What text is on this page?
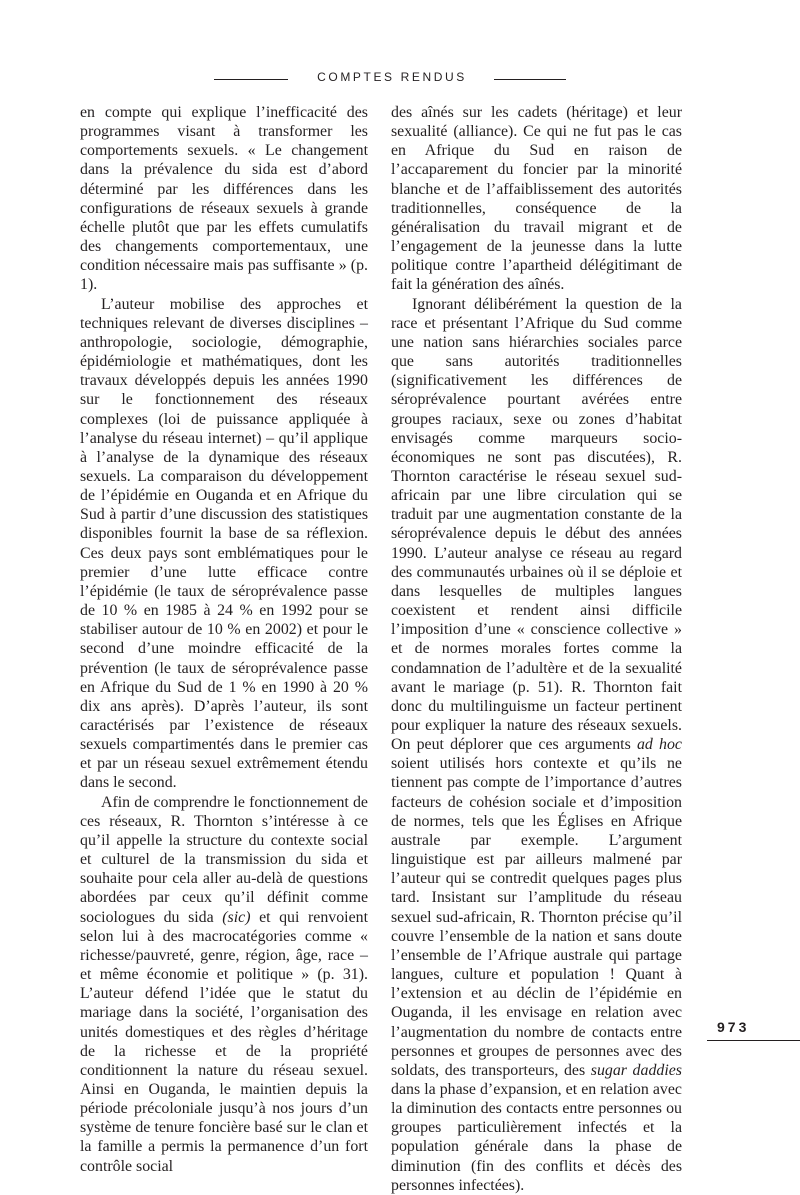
COMPTES RENDUS

en compte qui explique l’inefficacité des programmes visant à transformer les comportements sexuels. « Le changement dans la prévalence du sida est d’abord déterminé par les différences dans les configurations de réseaux sexuels à grande échelle plutôt que par les effets cumulatifs des changements comportementaux, une condition nécessaire mais pas suffisante » (p. 1).

L’auteur mobilise des approches et techniques relevant de diverses disciplines – anthropologie, sociologie, démographie, épidémiologie et mathématiques, dont les travaux développés depuis les années 1990 sur le fonctionnement des réseaux complexes (loi de puissance appliquée à l’analyse du réseau internet) – qu’il applique à l’analyse de la dynamique des réseaux sexuels. La comparaison du développement de l’épidémie en Ouganda et en Afrique du Sud à partir d’une discussion des statistiques disponibles fournit la base de sa réflexion. Ces deux pays sont emblématiques pour le premier d’une lutte efficace contre l’épidémie (le taux de séroprévalence passe de 10 % en 1985 à 24 % en 1992 pour se stabiliser autour de 10 % en 2002) et pour le second d’une moindre efficacité de la prévention (le taux de séroprévalence passe en Afrique du Sud de 1 % en 1990 à 20 % dix ans après). D’après l’auteur, ils sont caractérisés par l’existence de réseaux sexuels compartimentés dans le premier cas et par un réseau sexuel extrêmement étendu dans le second.

Afin de comprendre le fonctionnement de ces réseaux, R. Thornton s’intéresse à ce qu’il appelle la structure du contexte social et culturel de la transmission du sida et souhaite pour cela aller au-delà de questions abordées par ceux qu’il définit comme sociologues du sida (sic) et qui renvoient selon lui à des macrocatégories comme « richesse/pauvreté, genre, région, âge, race – et même économie et politique » (p. 31). L’auteur défend l’idée que le statut du mariage dans la société, l’organisation des unités domestiques et des règles d’héritage de la richesse et de la propriété conditionnent la nature du réseau sexuel. Ainsi en Ouganda, le maintien depuis la période précoloniale jusqu’à nos jours d’un système de tenure foncière basé sur le clan et la famille a permis la permanence d’un fort contrôle social

des aînés sur les cadets (héritage) et leur sexualité (alliance). Ce qui ne fut pas le cas en Afrique du Sud en raison de l’accaparement du foncier par la minorité blanche et de l’affaiblissement des autorités traditionnelles, conséquence de la généralisation du travail migrant et de l’engagement de la jeunesse dans la lutte politique contre l’apartheid délégitimant de fait la génération des aînés.

Ignorant délibérément la question de la race et présentant l’Afrique du Sud comme une nation sans hiérarchies sociales parce que sans autorités traditionnelles (significativement les différences de séroprévalence pourtant avérées entre groupes raciaux, sexe ou zones d’habitat envisagés comme marqueurs socio-économiques ne sont pas discutées), R. Thornton caractérise le réseau sexuel sud-africain par une libre circulation qui se traduit par une augmentation constante de la séroprévalence depuis le début des années 1990. L’auteur analyse ce réseau au regard des communautés urbaines où il se déploie et dans lesquelles de multiples langues coexistent et rendent ainsi difficile l’imposition d’une « conscience collective » et de normes morales fortes comme la condamnation de l’adultère et de la sexualité avant le mariage (p. 51). R. Thornton fait donc du multilinguisme un facteur pertinent pour expliquer la nature des réseaux sexuels. On peut déplorer que ces arguments ad hoc soient utilisés hors contexte et qu’ils ne tiennent pas compte de l’importance d’autres facteurs de cohésion sociale et d’imposition de normes, tels que les Églises en Afrique australe par exemple. L’argument linguistique est par ailleurs malmené par l’auteur qui se contredit quelques pages plus tard. Insistant sur l’amplitude du réseau sexuel sud-africain, R. Thornton précise qu’il couvre l’ensemble de la nation et sans doute l’ensemble de l’Afrique australe qui partage langues, culture et population ! Quant à l’extension et au déclin de l’épidémie en Ouganda, il les envisage en relation avec l’augmentation du nombre de contacts entre personnes et groupes de personnes avec des soldats, des transporteurs, des sugar daddies dans la phase d’expansion, et en relation avec la diminution des contacts entre personnes ou groupes particulièrement infectés et la population générale dans la phase de diminution (fin des conflits et décès des personnes infectées).

973
